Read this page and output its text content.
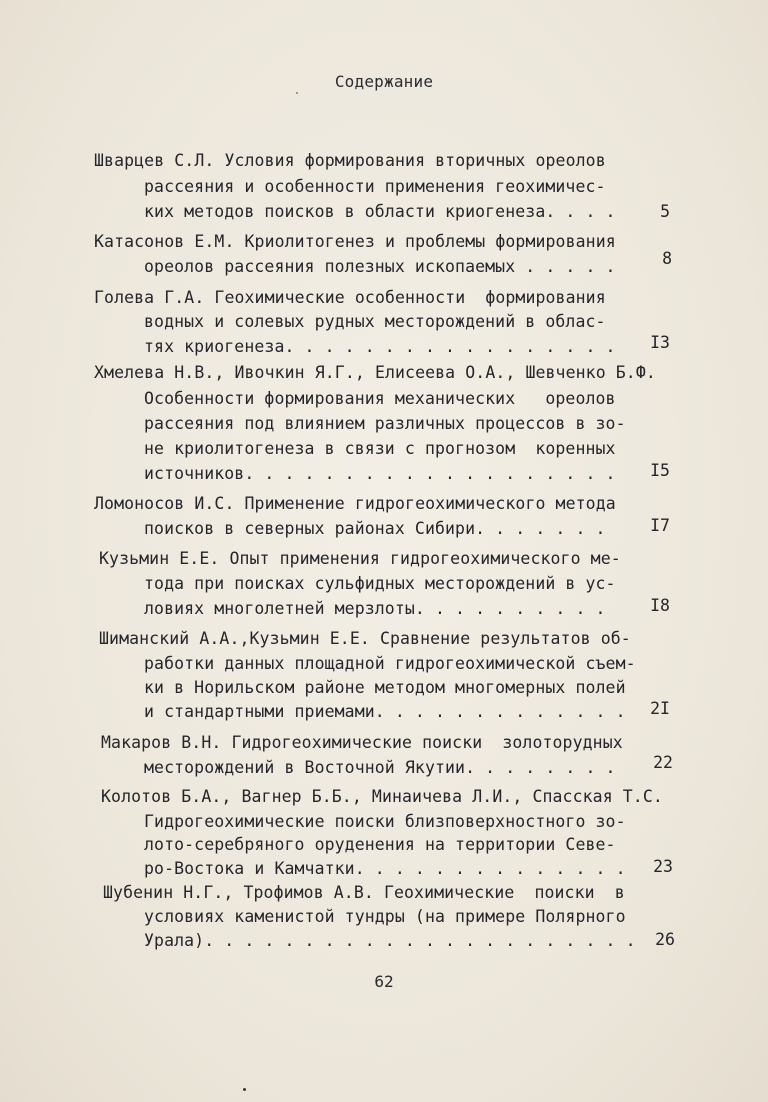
Содержание
Шварцев С.Л. Условия формирования вторичных ореолов
рассеяния и особенности применения геохимичес-
ких методов поисков в области криогенеза. . . .	5
Катасонов Е.М. Криолитогенез и проблемы формирования
ореолов рассеяния полезных ископаемых . . . . .	8
Голева Г.А. Геохимические особенности  формирования
водных и солевых рудных месторождений в облас-
тях криогенеза. . . . . . . . . . . . . . . . .	I3
Хмелева Н.В., Ивочкин Я.Г., Елисеева О.А., Шевченко Б.Ф.
Особенности формирования механических   ореолов
рассеяния под влиянием различных процессов в зо-
не криолитогенеза в связи с прогнозом  коренных
источников. . . . . . . . . . . . . . . . . . .	I5
Ломоносов И.С. Применение гидрогеохимического метода
поисков в северных районах Сибири. . . . . . .	I7
Кузьмин Е.Е. Опыт применения гидрогеохимического ме-
тода при поисках сульфидных месторождений в ус-
ловиях многолетней мерзлоты. . . . . . . . . .	I8
Шиманский А.А.,Кузьмин Е.Е. Сравнение результатов об-
работки данных площадной гидрогеохимической съем-
ки в Норильском районе методом многомерных полей
и стандартными приемами. . . . . . . . . . . . .	2I
Макаров В.Н. Гидрогеохимические поиски  золоторудных
месторождений в Восточной Якутии. . . . . . . .	22
Колотов Б.А., Вагнер Б.Б., Минаичева Л.И., Спасская Т.С.
Гидрогеохимические поиски близповерхностного зо-
лото-серебряного оруденения на территории Севе-
ро-Востока и Камчатки. . . . . . . . . . . . . .	23
Шубенин Н.Г., Трофимов А.В. Геохимические  поиски  в
условиях каменистой тундры (на примере Полярного
Урала). . . . . . . . . . . . . . . . . . . . . .	26
62
